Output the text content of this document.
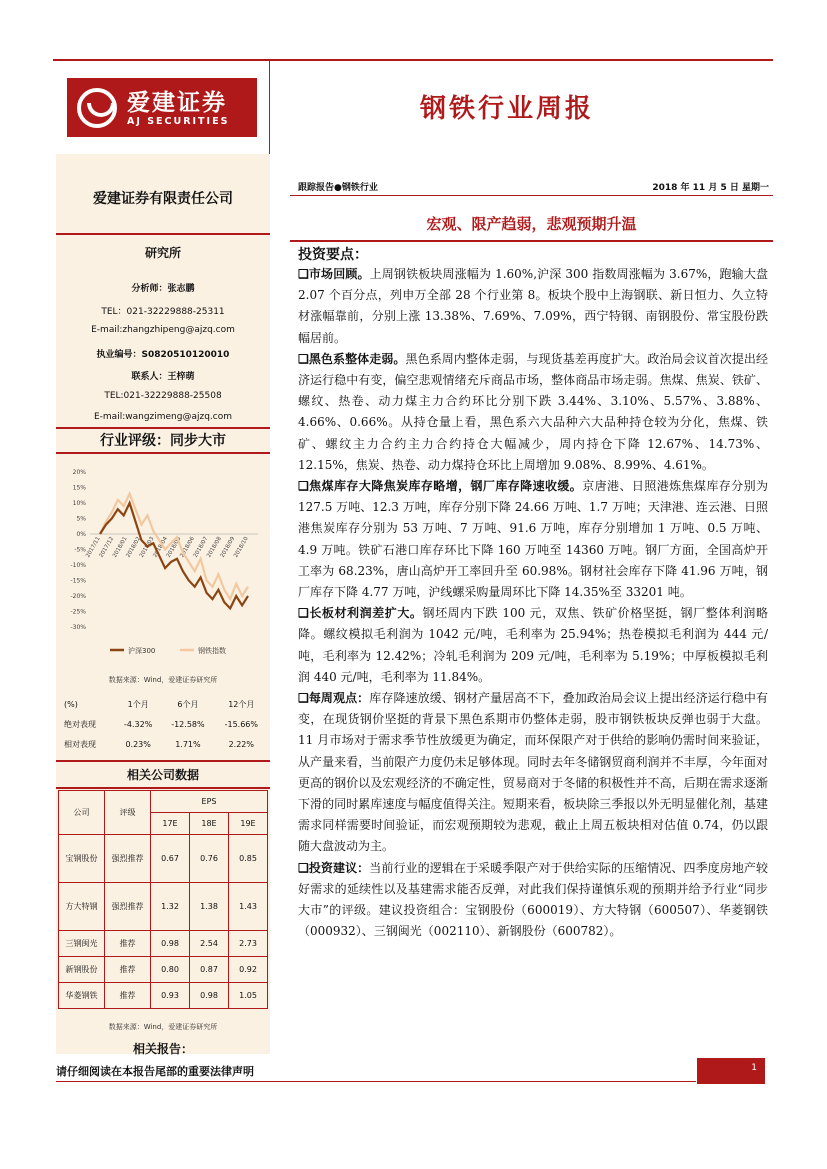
爱建证券
AJ SECURITIES	钢铁行业周报
爱建证券有限责任公司
研究所
分析师：张志鹏
TEL：021-32229888-25311
E-mail:zhangzhipeng@ajzq.com
执业编号：S0820510120010
联系人：王梓萌
TEL:021-32229888-25508
E-mail:wangzimeng@ajzq.com
行业评级：同步大市
20%
15%
10%
5%
0%
-5%
-10%
-15%
-20%
-25%
-30%
2017/11
2017/12
2018/01
2018/02
2018/03
2018/04
2018/05
2018/06
2018/07
2018/08
2018/09
2018/10
沪深300	钢铁指数
数据来源：Wind，爱建证券研究所
(%)	1个月	6个月	12个月
绝对表现	-4.32%	-12.58%	-15.66%
相对表现	0.23%	1.71%	2.22%
相关公司数据
公司	评级	EPS		
		17E	18E	19E
宝钢股份	强烈推荐	0.67	0.76	0.85
方大特钢	强烈推荐	1.32	1.38	1.43
三钢闽光	推荐	0.98	2.54	2.73
新钢股份	推荐	0.80	0.87	0.92
华菱钢铁	推荐	0.93	0.98	1.05
数据来源：Wind，爱建证券研究所
相关报告：
跟踪报告●钢铁行业	2018 年 11 月 5 日 星期一
宏观、限产趋弱，悲观预期升温
投资要点：

❑市场回顾。上周钢铁板块周涨幅为 1.60%,沪深 300 指数周涨幅为 3.67%，跑输大盘 2.07 个百分点，列申万全部 28 个行业第 8。板块个股中上海钢联、新日恒力、久立特材涨幅靠前，分别上涨 13.38%、7.69%、7.09%，西宁特钢、南钢股份、常宝股份跌幅居前。

❑黑色系整体走弱。黑色系周内整体走弱，与现货基差再度扩大。政治局会议首次提出经济运行稳中有变，偏空悲观情绪充斥商品市场，整体商品市场走弱。焦煤、焦炭、铁矿、螺纹、热卷、动力煤主力合约环比分别下跌 3.44%、3.10%、5.57%、3.88%、4.66%、0.66%。从持仓量上看，黑色系六大品种六大品种持仓较为分化，焦煤、铁矿、螺纹主力合约主力合约持仓大幅减少，周内持仓下降 12.67%、14.73%、12.15%，焦炭、热卷、动力煤持仓环比上周增加 9.08%、8.99%、4.61%。

❑焦煤库存大降焦炭库存略增，钢厂库存降速收缓。京唐港、日照港炼焦煤库存分别为 127.5 万吨、12.3 万吨，库存分别下降 24.66 万吨、1.7 万吨；天津港、连云港、日照港焦炭库存分别为 53 万吨、7 万吨、91.6 万吨，库存分别增加 1 万吨、0.5 万吨、4.9 万吨。铁矿石港口库存环比下降 160 万吨至 14360 万吨。钢厂方面，全国高炉开工率为 68.23%，唐山高炉开工率回升至 60.98%。钢材社会库存下降 41.96 万吨，钢厂库存下降 4.77 万吨，沪线螺采购量周环比下降 14.35%至 33201 吨。

❑长板材利润差扩大。钢坯周内下跌 100 元，双焦、铁矿价格坚挺，钢厂整体利润略降。螺纹模拟毛利润为 1042 元/吨，毛利率为 25.94%；热卷模拟毛利润为 444 元/吨，毛利率为 12.42%；冷轧毛利润为 209 元/吨，毛利率为 5.19%；中厚板模拟毛利润 440 元/吨，毛利率为 11.84%。

❑每周观点：库存降速放缓、钢材产量居高不下，叠加政治局会议上提出经济运行稳中有变，在现货钢价坚挺的背景下黑色系期市仍整体走弱，股市钢铁板块反弹也弱于大盘。11 月市场对于需求季节性放缓更为确定，而环保限产对于供给的影响仍需时间来验证，从产量来看，当前限产力度仍未足够体现。同时去年冬储钢贸商利润并不丰厚，今年面对更高的钢价以及宏观经济的不确定性，贸易商对于冬储的积极性并不高，后期在需求逐渐下滑的同时累库速度与幅度值得关注。短期来看，板块除三季报以外无明显催化剂，基建需求同样需要时间验证，而宏观预期较为悲观，截止上周五板块相对估值 0.74，仍以跟随大盘波动为主。

❑投资建议：当前行业的逻辑在于采暖季限产对于供给实际的压缩情况、四季度房地产较好需求的延续性以及基建需求能否反弹，对此我们保持谨慎乐观的预期并给予行业“同步大市”的评级。建议投资组合：宝钢股份（600019）、方大特钢（600507）、华菱钢铁（000932）、三钢闽光（002110）、新钢股份（600782）。

请仔细阅读在本报告尾部的重要法律声明	1
